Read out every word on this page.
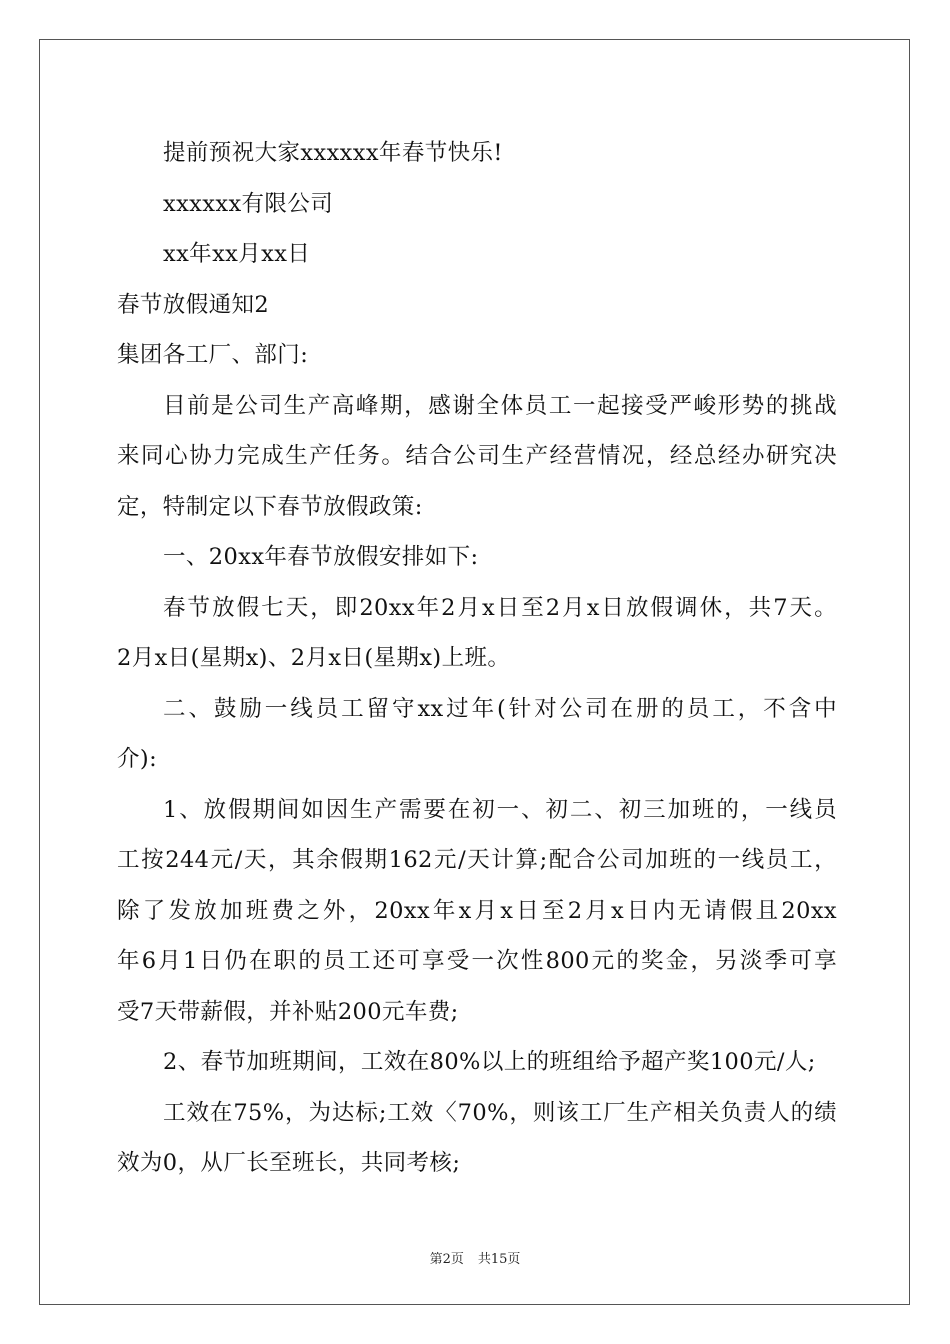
提前预祝大家xxxxxx年春节快乐!
xxxxxx有限公司
xx年xx月xx日
春节放假通知2
集团各工厂、部门:
目前是公司生产高峰期，感谢全体员工一起接受严峻形势的挑战
来同心协力完成生产任务。结合公司生产经营情况，经总经办研究决
定，特制定以下春节放假政策:
一、20xx年春节放假安排如下:
春节放假七天，即20xx年2月x日至2月x日放假调休，共7天。
2月x日(星期x)、2月x日(星期x)上班。
二、鼓励一线员工留守xx过年(针对公司在册的员工，不含中
介):
1、放假期间如因生产需要在初一、初二、初三加班的，一线员
工按244元/天，其余假期162元/天计算;配合公司加班的一线员工，
除了发放加班费之外，20xx年x月x日至2月x日内无请假且20xx
年6月1日仍在职的员工还可享受一次性800元的奖金，另淡季可享
受7天带薪假，并补贴200元车费;
2、春节加班期间，工效在80%以上的班组给予超产奖100元/人;
工效在75%，为达标;工效〈70%，则该工厂生产相关负责人的绩
效为0，从厂长至班长，共同考核;
第2页 共15页
